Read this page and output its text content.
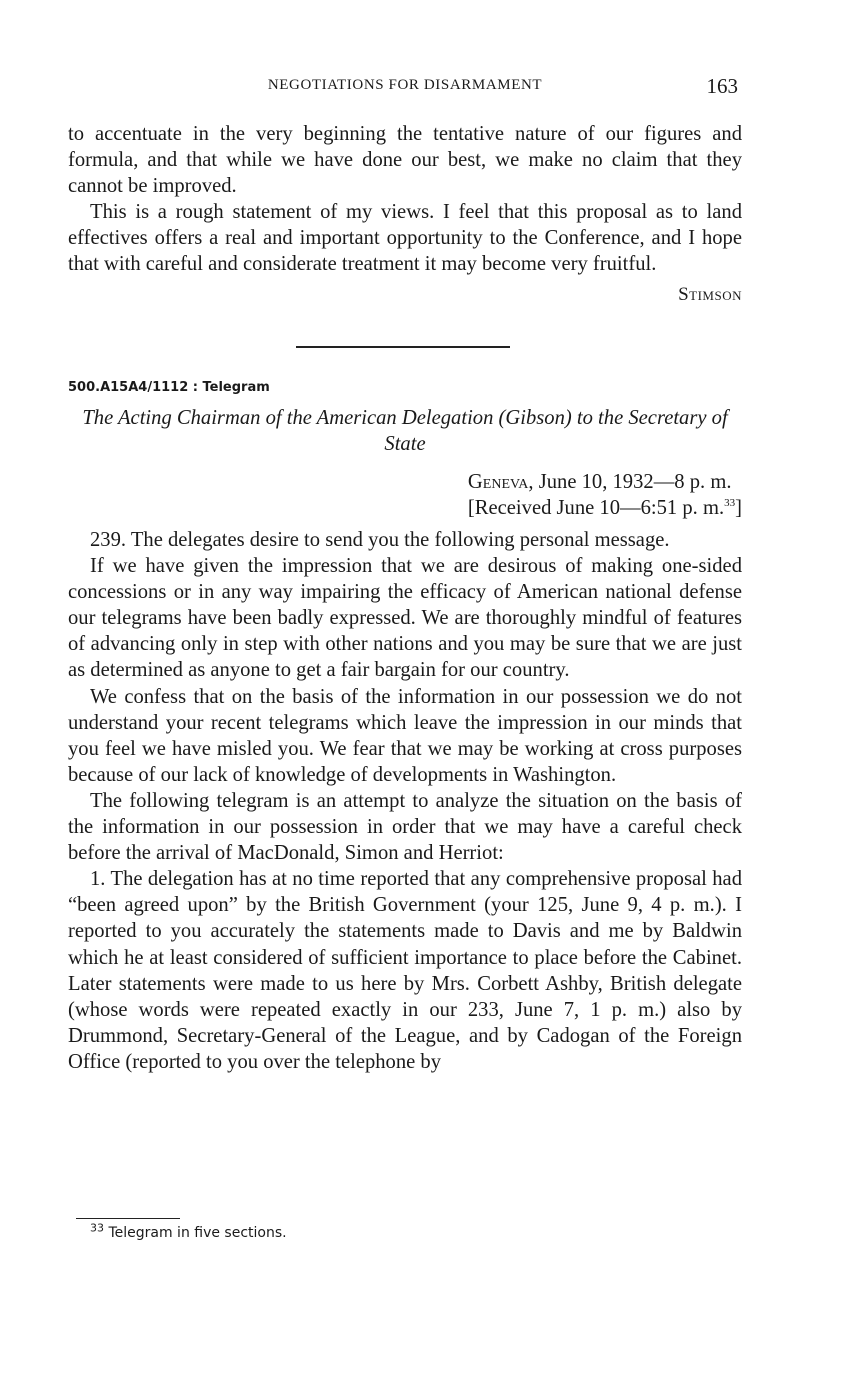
NEGOTIATIONS FOR DISARMAMENT	163

to accentuate in the very beginning the tentative nature of our figures and formula, and that while we have done our best, we make no claim that they cannot be improved.

This is a rough statement of my views. I feel that this proposal as to land effectives offers a real and important opportunity to the Conference, and I hope that with careful and considerate treatment it may become very fruitful.

Stimson
500.A15A4/1112 : Telegram
The Acting Chairman of the American Delegation (Gibson) to the Secretary of State
Geneva, June 10, 1932—8 p. m.
[Received June 10—6:51 p. m.$^{33}$]

239. The delegates desire to send you the following personal message.

If we have given the impression that we are desirous of making one-sided concessions or in any way impairing the efficacy of American national defense our telegrams have been badly expressed. We are thoroughly mindful of features of advancing only in step with other nations and you may be sure that we are just as determined as anyone to get a fair bargain for our country.

We confess that on the basis of the information in our possession we do not understand your recent telegrams which leave the impression in our minds that you feel we have misled you. We fear that we may be working at cross purposes because of our lack of knowledge of developments in Washington.

The following telegram is an attempt to analyze the situation on the basis of the information in our possession in order that we may have a careful check before the arrival of MacDonald, Simon and Herriot:

1. The delegation has at no time reported that any comprehensive proposal had “been agreed upon” by the British Government (your 125, June 9, 4 p. m.). I reported to you accurately the statements made to Davis and me by Baldwin which he at least considered of sufficient importance to place before the Cabinet. Later statements were made to us here by Mrs. Corbett Ashby, British delegate (whose words were repeated exactly in our 233, June 7, 1 p. m.) also by Drummond, Secretary-General of the League, and by Cadogan of the Foreign Office (reported to you over the telephone by

$^{33}$ Telegram in five sections.
